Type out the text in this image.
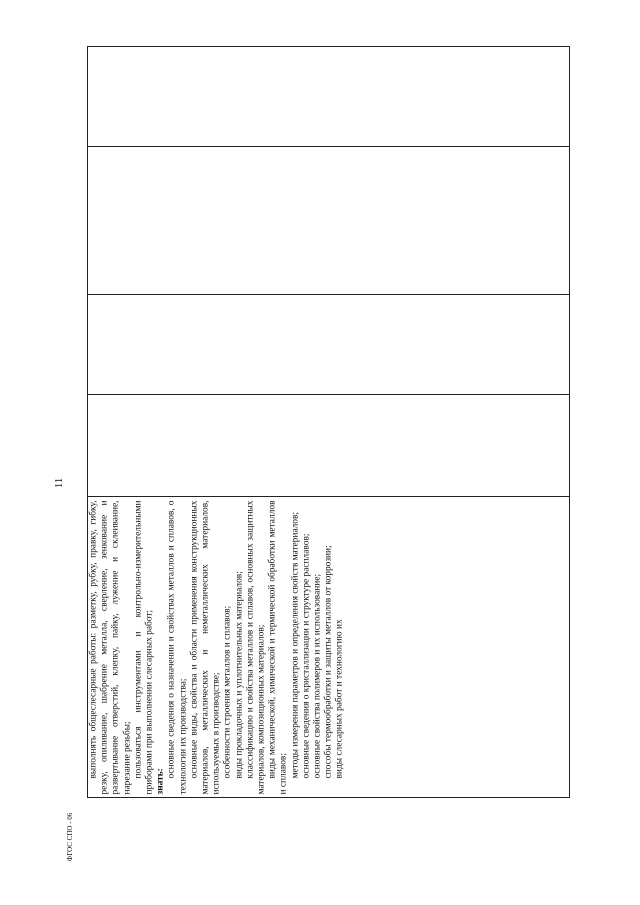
11
ФГОС СПО - 06

выполнять общеслесарные работы: разметку, рубку, правку, гибку, резку, опиливание, шабрение металла, сверление, зенкование и развертывание отверстий, клепку, пайку, лужение и склеивание, нарезание резьбы; пользоваться инструментами и контрольно-измерительными приборами при выполнении слесарных работ; знать:

основные сведения о назначении и свойствах металлов и сплавов, о технологии их производства; основные виды, свойства и области применения конструкционных материалов, металлических и неметаллических материалов, используемых в производстве; особенности строения металлов и сплавов; виды прокладочных и уплотнительных материалов; классификацию и свойства металлов и сплавов, основных защитных материалов, композиционных материалов; виды механической, химической и термической обработки металлов и сплавов; методы измерения параметров и определения свойств материалов; основные сведения о кристаллизации и структуре расплавов; основные свойства полимеров и их использование; способы термообработки и защиты металлов от коррозии; виды слесарных работ и технологию их
